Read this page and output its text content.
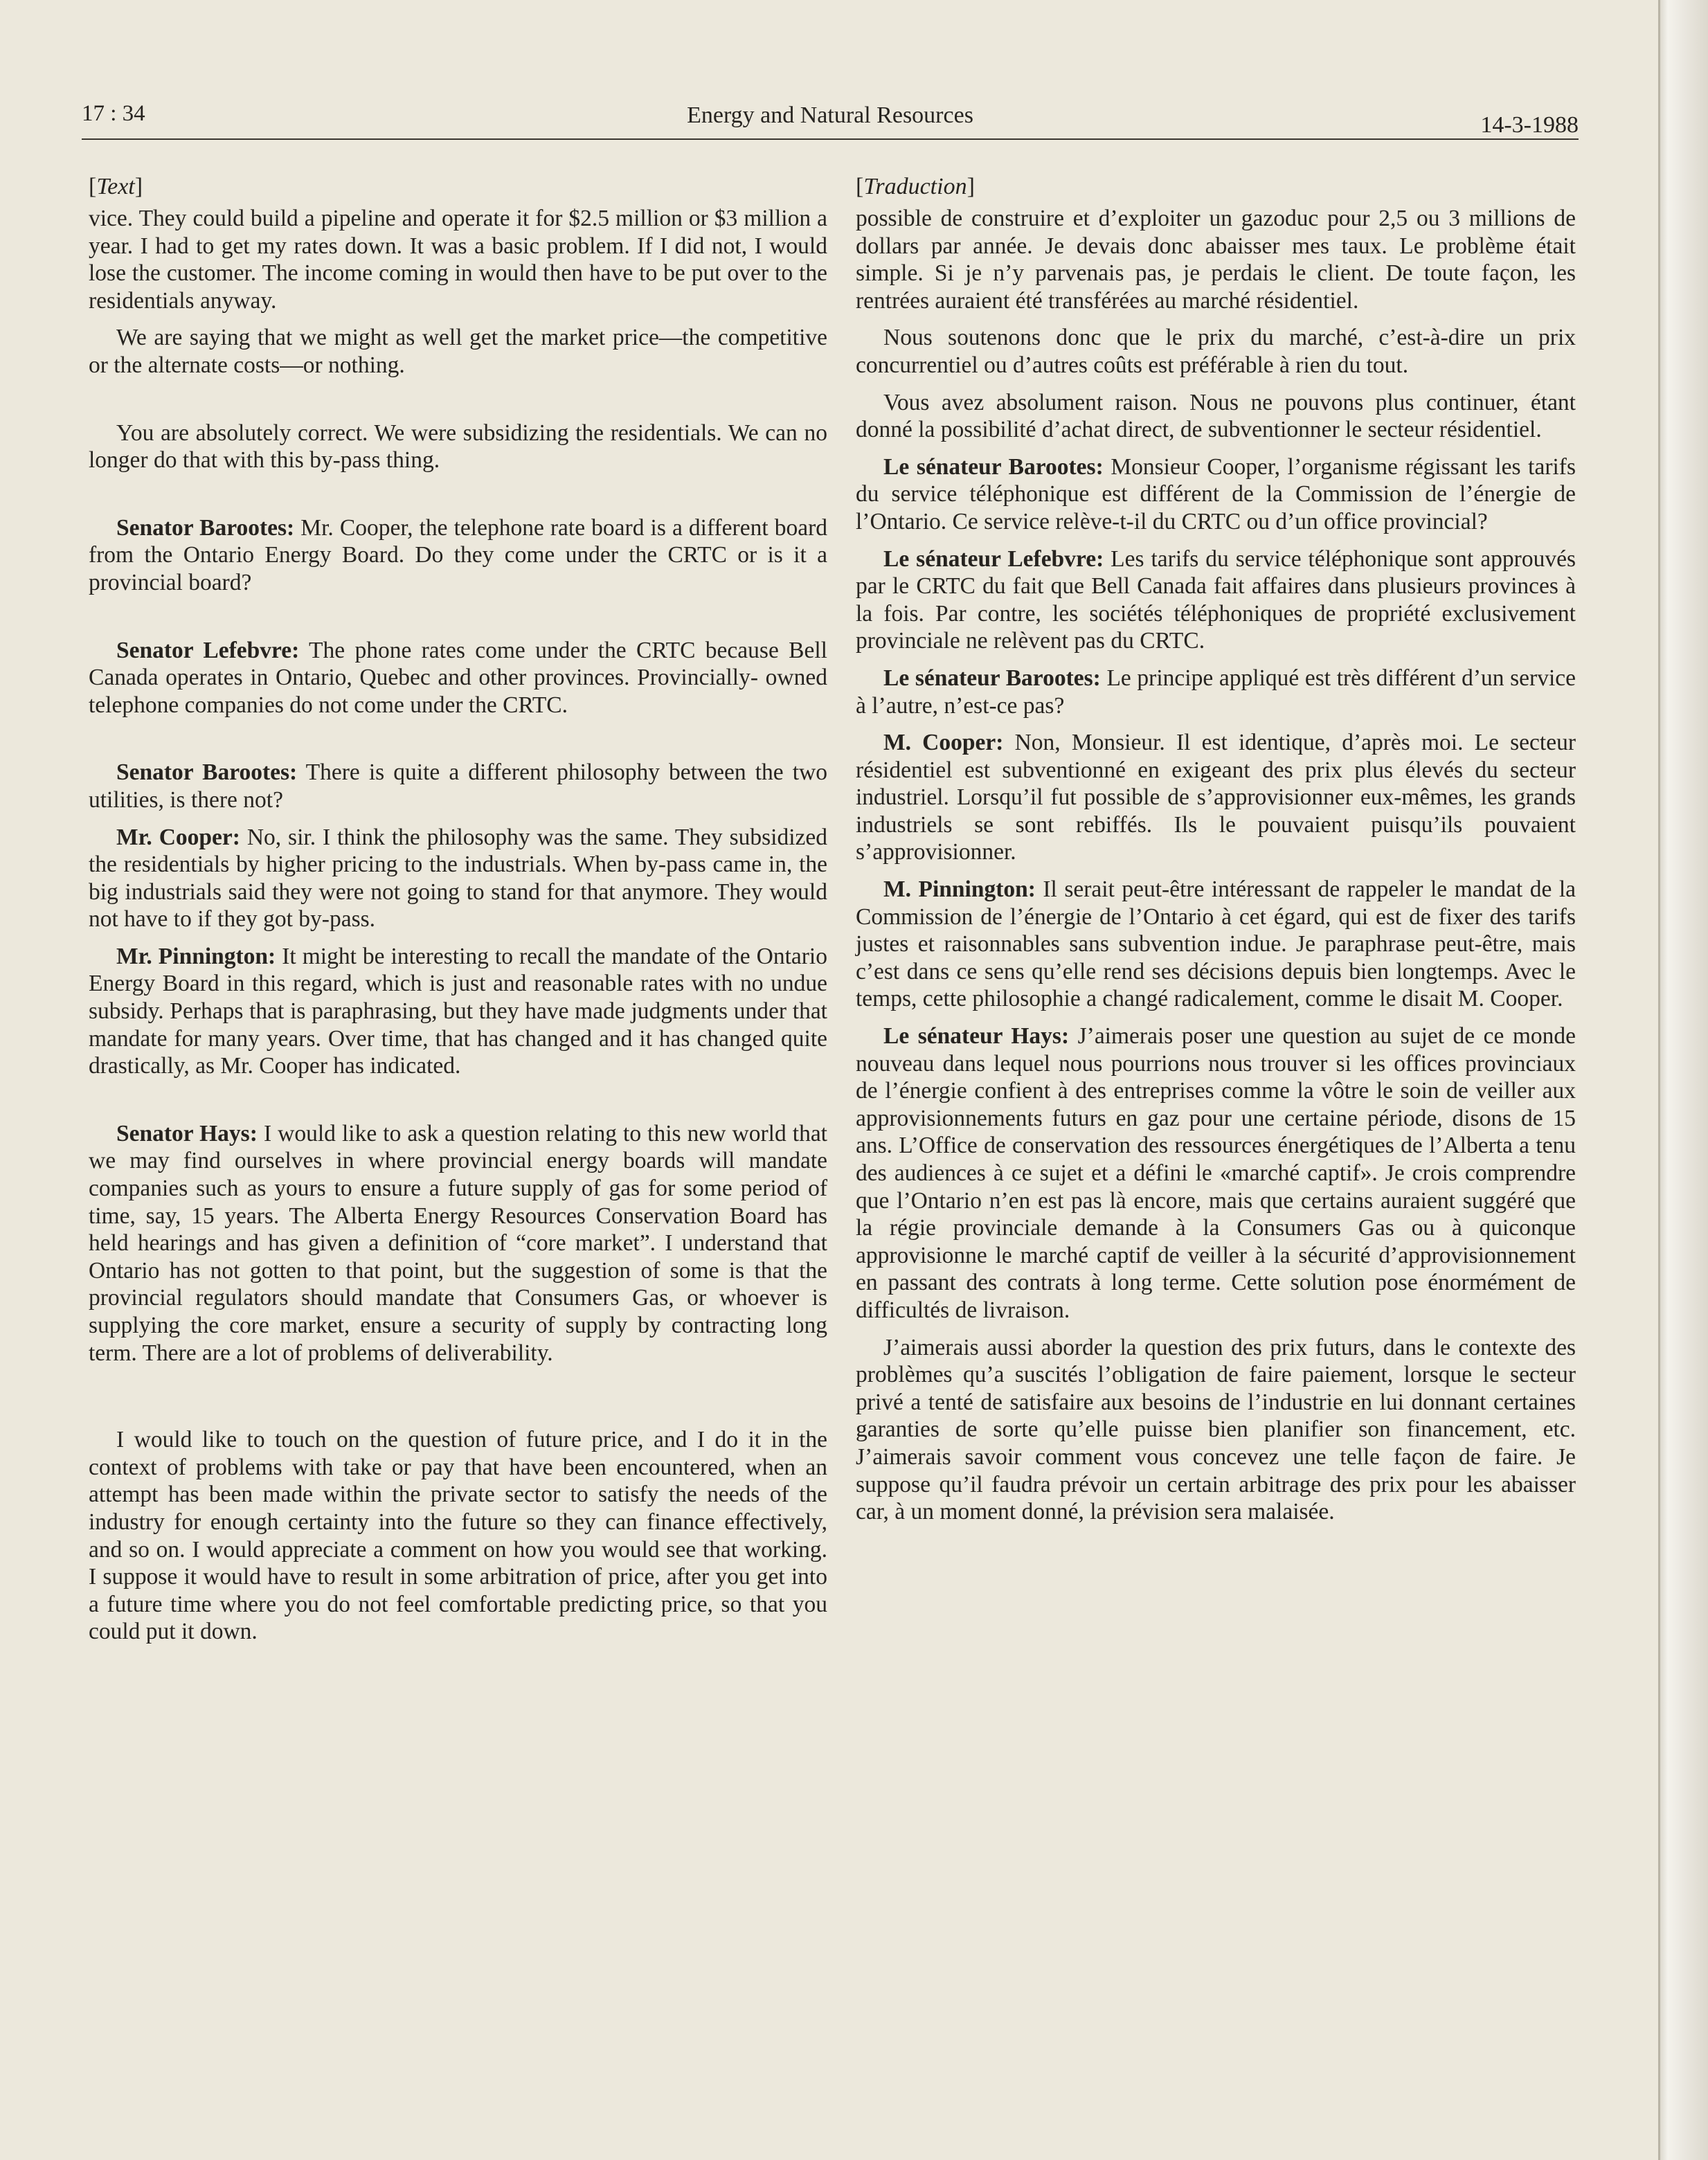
17 : 34	Energy and Natural Resources	14-3-1988
[Text]

vice. They could build a pipeline and operate it for $2.5 million or $3 million a year. I had to get my rates down. It was a basic problem. If I did not, I would lose the customer. The income coming in would then have to be put over to the residentials anyway.

We are saying that we might as well get the market price—the competitive or the alternate costs—or nothing.

You are absolutely correct. We were subsidizing the residentials. We can no longer do that with this by-pass thing.

Senator Barootes: Mr. Cooper, the telephone rate board is a different board from the Ontario Energy Board. Do they come under the CRTC or is it a provincial board?

Senator Lefebvre: The phone rates come under the CRTC because Bell Canada operates in Ontario, Quebec and other provinces. Provincially- owned telephone companies do not come under the CRTC.

Senator Barootes: There is quite a different philosophy between the two utilities, is there not?

Mr. Cooper: No, sir. I think the philosophy was the same. They subsidized the residentials by higher pricing to the industrials. When by-pass came in, the big industrials said they were not going to stand for that anymore. They would not have to if they got by-pass.

Mr. Pinnington: It might be interesting to recall the mandate of the Ontario Energy Board in this regard, which is just and reasonable rates with no undue subsidy. Perhaps that is paraphrasing, but they have made judgments under that mandate for many years. Over time, that has changed and it has changed quite drastically, as Mr. Cooper has indicated.

Senator Hays: I would like to ask a question relating to this new world that we may find ourselves in where provincial energy boards will mandate companies such as yours to ensure a future supply of gas for some period of time, say, 15 years. The Alberta Energy Resources Conservation Board has held hearings and has given a definition of “core market”. I understand that Ontario has not gotten to that point, but the suggestion of some is that the provincial regulators should mandate that Consumers Gas, or whoever is supplying the core market, ensure a security of supply by contracting long term. There are a lot of problems of deliverability.

I would like to touch on the question of future price, and I do it in the context of problems with take or pay that have been encountered, when an attempt has been made within the private sector to satisfy the needs of the industry for enough certainty into the future so they can finance effectively, and so on. I would appreciate a comment on how you would see that working. I suppose it would have to result in some arbitration of price, after you get into a future time where you do not feel comfortable predicting price, so that you could put it down.

[Traduction]

possible de construire et d’exploiter un gazoduc pour 2,5 ou 3 millions de dollars par année. Je devais donc abaisser mes taux. Le problème était simple. Si je n’y parvenais pas, je perdais le client. De toute façon, les rentrées auraient été transférées au marché résidentiel.

Nous soutenons donc que le prix du marché, c’est-à-dire un prix concurrentiel ou d’autres coûts est préférable à rien du tout.

Vous avez absolument raison. Nous ne pouvons plus continuer, étant donné la possibilité d’achat direct, de subventionner le secteur résidentiel.

Le sénateur Barootes: Monsieur Cooper, l’organisme régissant les tarifs du service téléphonique est différent de la Commission de l’énergie de l’Ontario. Ce service relève-t-il du CRTC ou d’un office provincial?

Le sénateur Lefebvre: Les tarifs du service téléphonique sont approuvés par le CRTC du fait que Bell Canada fait affaires dans plusieurs provinces à la fois. Par contre, les sociétés téléphoniques de propriété exclusivement provinciale ne relèvent pas du CRTC.

Le sénateur Barootes: Le principe appliqué est très différent d’un service à l’autre, n’est-ce pas?

M. Cooper: Non, Monsieur. Il est identique, d’après moi. Le secteur résidentiel est subventionné en exigeant des prix plus élevés du secteur industriel. Lorsqu’il fut possible de s’approvisionner eux-mêmes, les grands industriels se sont rebiffés. Ils le pouvaient puisqu’ils pouvaient s’approvisionner.

M. Pinnington: Il serait peut-être intéressant de rappeler le mandat de la Commission de l’énergie de l’Ontario à cet égard, qui est de fixer des tarifs justes et raisonnables sans subvention indue. Je paraphrase peut-être, mais c’est dans ce sens qu’elle rend ses décisions depuis bien longtemps. Avec le temps, cette philosophie a changé radicalement, comme le disait M. Cooper.

Le sénateur Hays: J’aimerais poser une question au sujet de ce monde nouveau dans lequel nous pourrions nous trouver si les offices provinciaux de l’énergie confient à des entreprises comme la vôtre le soin de veiller aux approvisionnements futurs en gaz pour une certaine période, disons de 15 ans. L’Office de conservation des ressources énergétiques de l’Alberta a tenu des audiences à ce sujet et a défini le «marché captif». Je crois comprendre que l’Ontario n’en est pas là encore, mais que certains auraient suggéré que la régie provinciale demande à la Consumers Gas ou à quiconque approvisionne le marché captif de veiller à la sécurité d’approvisionnement en passant des contrats à long terme. Cette solution pose énormément de difficultés de livraison.

J’aimerais aussi aborder la question des prix futurs, dans le contexte des problèmes qu’a suscités l’obligation de faire paiement, lorsque le secteur privé a tenté de satisfaire aux besoins de l’industrie en lui donnant certaines garanties de sorte qu’elle puisse bien planifier son financement, etc. J’aimerais savoir comment vous concevez une telle façon de faire. Je suppose qu’il faudra prévoir un certain arbitrage des prix pour les abaisser car, à un moment donné, la prévision sera malaisée.
